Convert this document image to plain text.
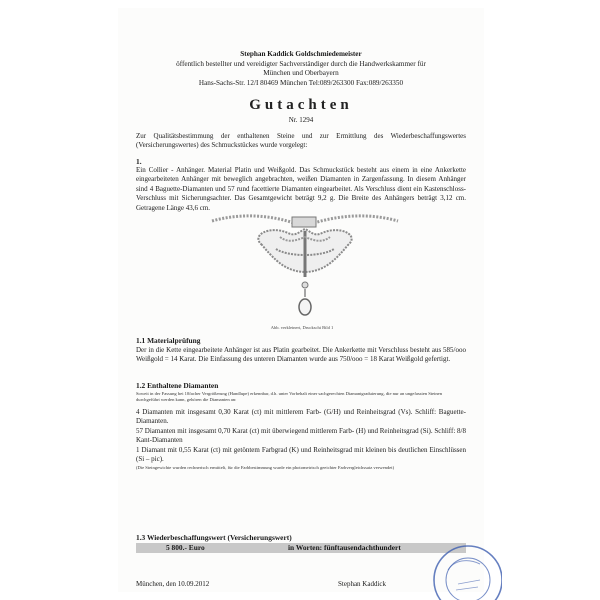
Stephan Kaddick Goldschmiedemeister
öffentlich bestellter und vereidigter Sachverständiger durch die Handwerkskammer für
München und Oberbayern
Hans-Sachs-Str. 12/I 80469 München Tel:089/263300 Fax:089/263350
Gutachten
Nr. 1294
Zur Qualitätsbestimmung der enthaltenen Steine und zur Ermittlung des Wiederbeschaffungswertes (Versicherungswertes) des Schmuckstückes wurde vorgelegt:
1.
Ein Collier - Anhänger. Material Platin und Weißgold. Das Schmuckstück besteht aus einem in eine Ankerkette eingearbeiteten Anhänger mit beweglich angebrachten, weißen Diamanten in Zargenfassung. In diesem Anhänger sind 4 Baguette-Diamanten und 57 rund facettierte Diamanten eingearbeitet. Als Verschluss dient ein Kastenschloss-Verschluss mit Sicherungsachter. Das Gesamtgewicht beträgt 9,2 g. Die Breite des Anhängers beträgt 3,12 cm. Getragene Länge 43,6 cm.
Abb. verkleinert, Druckschi Bild 1
1.1 Materialprüfung
Der in die Kette eingearbeitete Anhänger ist aus Platin gearbeitet. Die Ankerkette mit Verschluss besteht aus 585/ooo Weißgold = 14 Karat. Die Einfassung des unteren Diamanten wurde aus 750/ooo = 18 Karat Weißgold gefertigt.
1.2 Enthaltene Diamanten
Soweit in der Fassung bei 10facher Vergrößerung (Handlupe) erkennbar, d.h. unter Vorbehalt einer sachgerechten Diamantgraduierung, die nur an ungefassten Steinen durchgeführt werden kann, gehören die Diamanten an:
4 Diamanten mit insgesamt 0,30 Karat (ct) mit mittlerem Farb- (G/H) und Reinheitsgrad (Vs). Schliff: Baguette- Diamanten.
57 Diamanten mit insgesamt 0,70 Karat (ct) mit überwiegend mittlerem Farb- (H) und Reinheitsgrad (Si). Schliff: 8/8 Kant-Diamanten
1 Diamant mit 0,55 Karat (ct) mit getöntem Farbgrad (K) und Reinheitsgrad mit kleinen bis deutlichen Einschlüssen (Si – pic).
(Die Steingewichte wurden rechnerisch ermittelt, für die Farbbestimmung wurde ein photometrisch geeichter Farbvergleichssatz verwendet)
1.3 Wiederbeschaffungswert (Versicherungswert)
5 800.- Euro	in Worten: fünftausendachthundert
München, den 10.09.2012	Stephan Kaddick
